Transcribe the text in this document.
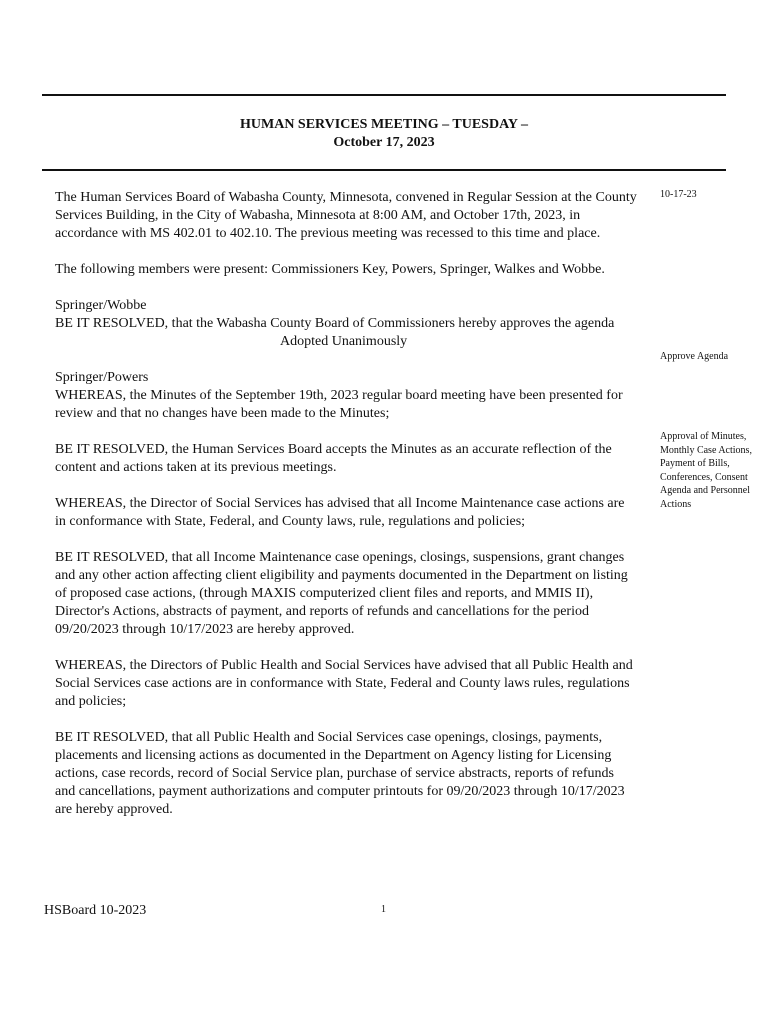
HUMAN SERVICES MEETING – TUESDAY –
October 17, 2023

The Human Services Board of Wabasha County, Minnesota, convened in Regular Session at the County Services Building, in the City of Wabasha, Minnesota at 8:00 AM, and October 17th, 2023, in accordance with MS 402.01 to 402.10. The previous meeting was recessed to this time and place.

The following members were present: Commissioners Key, Powers, Springer, Walkes and Wobbe.

Springer/Wobbe
BE IT RESOLVED, that the Wabasha County Board of Commissioners hereby approves the agenda

Adopted Unanimously

Springer/Powers
WHEREAS, the Minutes of the September 19th, 2023 regular board meeting have been presented for review and that no changes have been made to the Minutes;

BE IT RESOLVED, the Human Services Board accepts the Minutes as an accurate reflection of the content and actions taken at its previous meetings.

WHEREAS, the Director of Social Services has advised that all Income Maintenance case actions are in conformance with State, Federal, and County laws, rule, regulations and policies;

BE IT RESOLVED, that all Income Maintenance case openings, closings, suspensions, grant changes and any other action affecting client eligibility and payments documented in the Department on listing of proposed case actions, (through MAXIS computerized client files and reports, and MMIS II), Director's Actions, abstracts of payment, and reports of refunds and cancellations for the period 09/20/2023 through 10/17/2023 are hereby approved.

WHEREAS, the Directors of Public Health and Social Services have advised that all Public Health and Social Services case actions are in conformance with State, Federal and County laws rules, regulations and policies;

BE IT RESOLVED, that all Public Health and Social Services case openings, closings, payments, placements and licensing actions as documented in the Department on Agency listing for Licensing actions, case records, record of Social Service plan, purchase of service abstracts, reports of refunds and cancellations, payment authorizations and computer printouts for 09/20/2023 through 10/17/2023 are hereby approved.

10-17-23
Approve Agenda
Approval of Minutes, Monthly Case Actions, Payment of Bills, Conferences, Consent Agenda and Personnel Actions
HSBoard 10-2023	1
